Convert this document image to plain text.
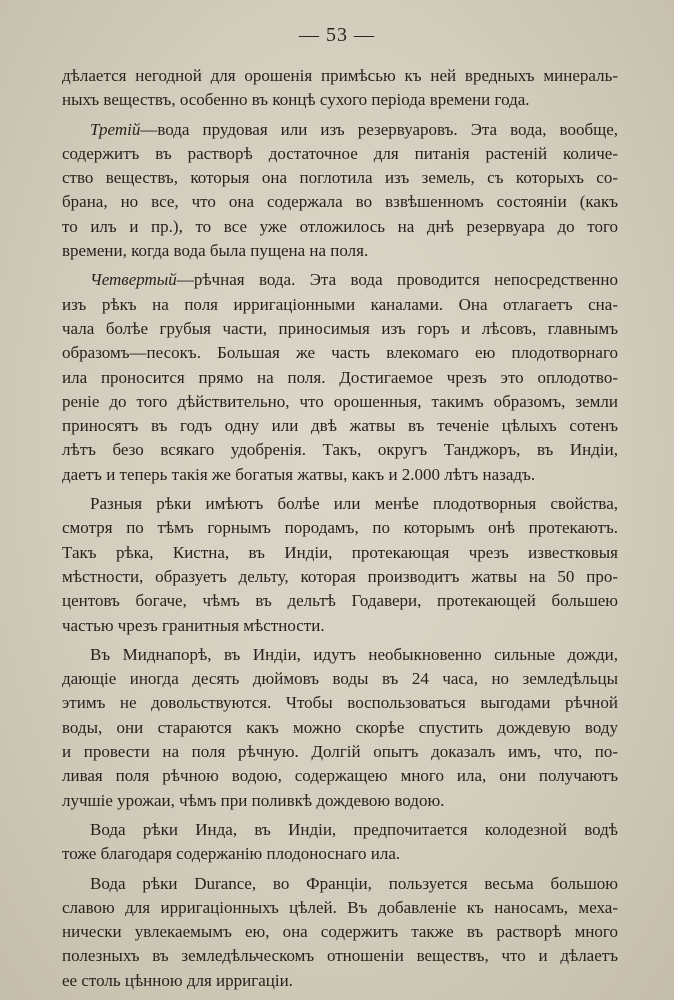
— 53 —

дѣлается негодной для орошенія примѣсью къ ней вредныхъ минераль-
ныхъ веществъ, особенно въ концѣ сухого періода времени года.

Третій—вода прудовая или изъ резервуаровъ. Эта вода, вообще,
содержитъ въ растворѣ достаточное для питанія растеній количе-
ство веществъ, которыя она поглотила изъ земель, съ которыхъ со-
брана, но все, что она содержала во взвѣшенномъ состояніи (какъ
то илъ и пр.), то все уже отложилось на днѣ резервуара до того
времени, когда вода была пущена на поля.

Четвертый—рѣчная вода. Эта вода проводится непосредственно
изъ рѣкъ на поля ирригаціонными каналами. Она отлагаетъ сна-
чала болѣе грубыя части, приносимыя изъ горъ и лѣсовъ, главнымъ
образомъ—песокъ. Большая же часть влекомаго ею плодотворнаго
ила проносится прямо на поля. Достигаемое чрезъ это оплодотво-
реніе до того дѣйствительно, что орошенныя, такимъ образомъ, земли
приносятъ въ годъ одну или двѣ жатвы въ теченіе цѣлыхъ сотенъ
лѣтъ безо всякаго удобренія. Такъ, округъ Танджоръ, въ Индіи,
даетъ и теперь такія же богатыя жатвы, какъ и 2.000 лѣтъ назадъ.

Разныя рѣки имѣютъ болѣе или менѣе плодотворныя свойства,
смотря по тѣмъ горнымъ породамъ, по которымъ онѣ протекаютъ.
Такъ рѣка, Кистна, въ Индіи, протекающая чрезъ известковыя
мѣстности, образуетъ дельту, которая производитъ жатвы на 50 про-
центовъ богаче, чѣмъ въ дельтѣ Годавери, протекающей большею
частью чрезъ гранитныя мѣстности.

Въ Миднапорѣ, въ Индіи, идутъ необыкновенно сильные дожди,
дающіе иногда десять дюймовъ воды въ 24 часа, но земледѣльцы
этимъ не довольствуются. Чтобы воспользоваться выгодами рѣчной
воды, они стараются какъ можно скорѣе спустить дождевую воду
и провести на поля рѣчную. Долгій опытъ доказалъ имъ, что, по-
ливая поля рѣчною водою, содержащею много ила, они получаютъ
лучшіе урожаи, чѣмъ при поливкѣ дождевою водою.

Вода рѣки Инда, въ Индіи, предпочитается колодезной водѣ
тоже благодаря содержанію плодоноснаго ила.

Вода рѣки Durance, во Франціи, пользуется весьма большою
славою для ирригаціонныхъ цѣлей. Въ добавленіе къ наносамъ, меха-
нически увлекаемымъ ею, она содержитъ также въ растворѣ много
полезныхъ въ земледѣльческомъ отношеніи веществъ, что и дѣлаетъ
ее столь цѣнною для ирригаціи.
